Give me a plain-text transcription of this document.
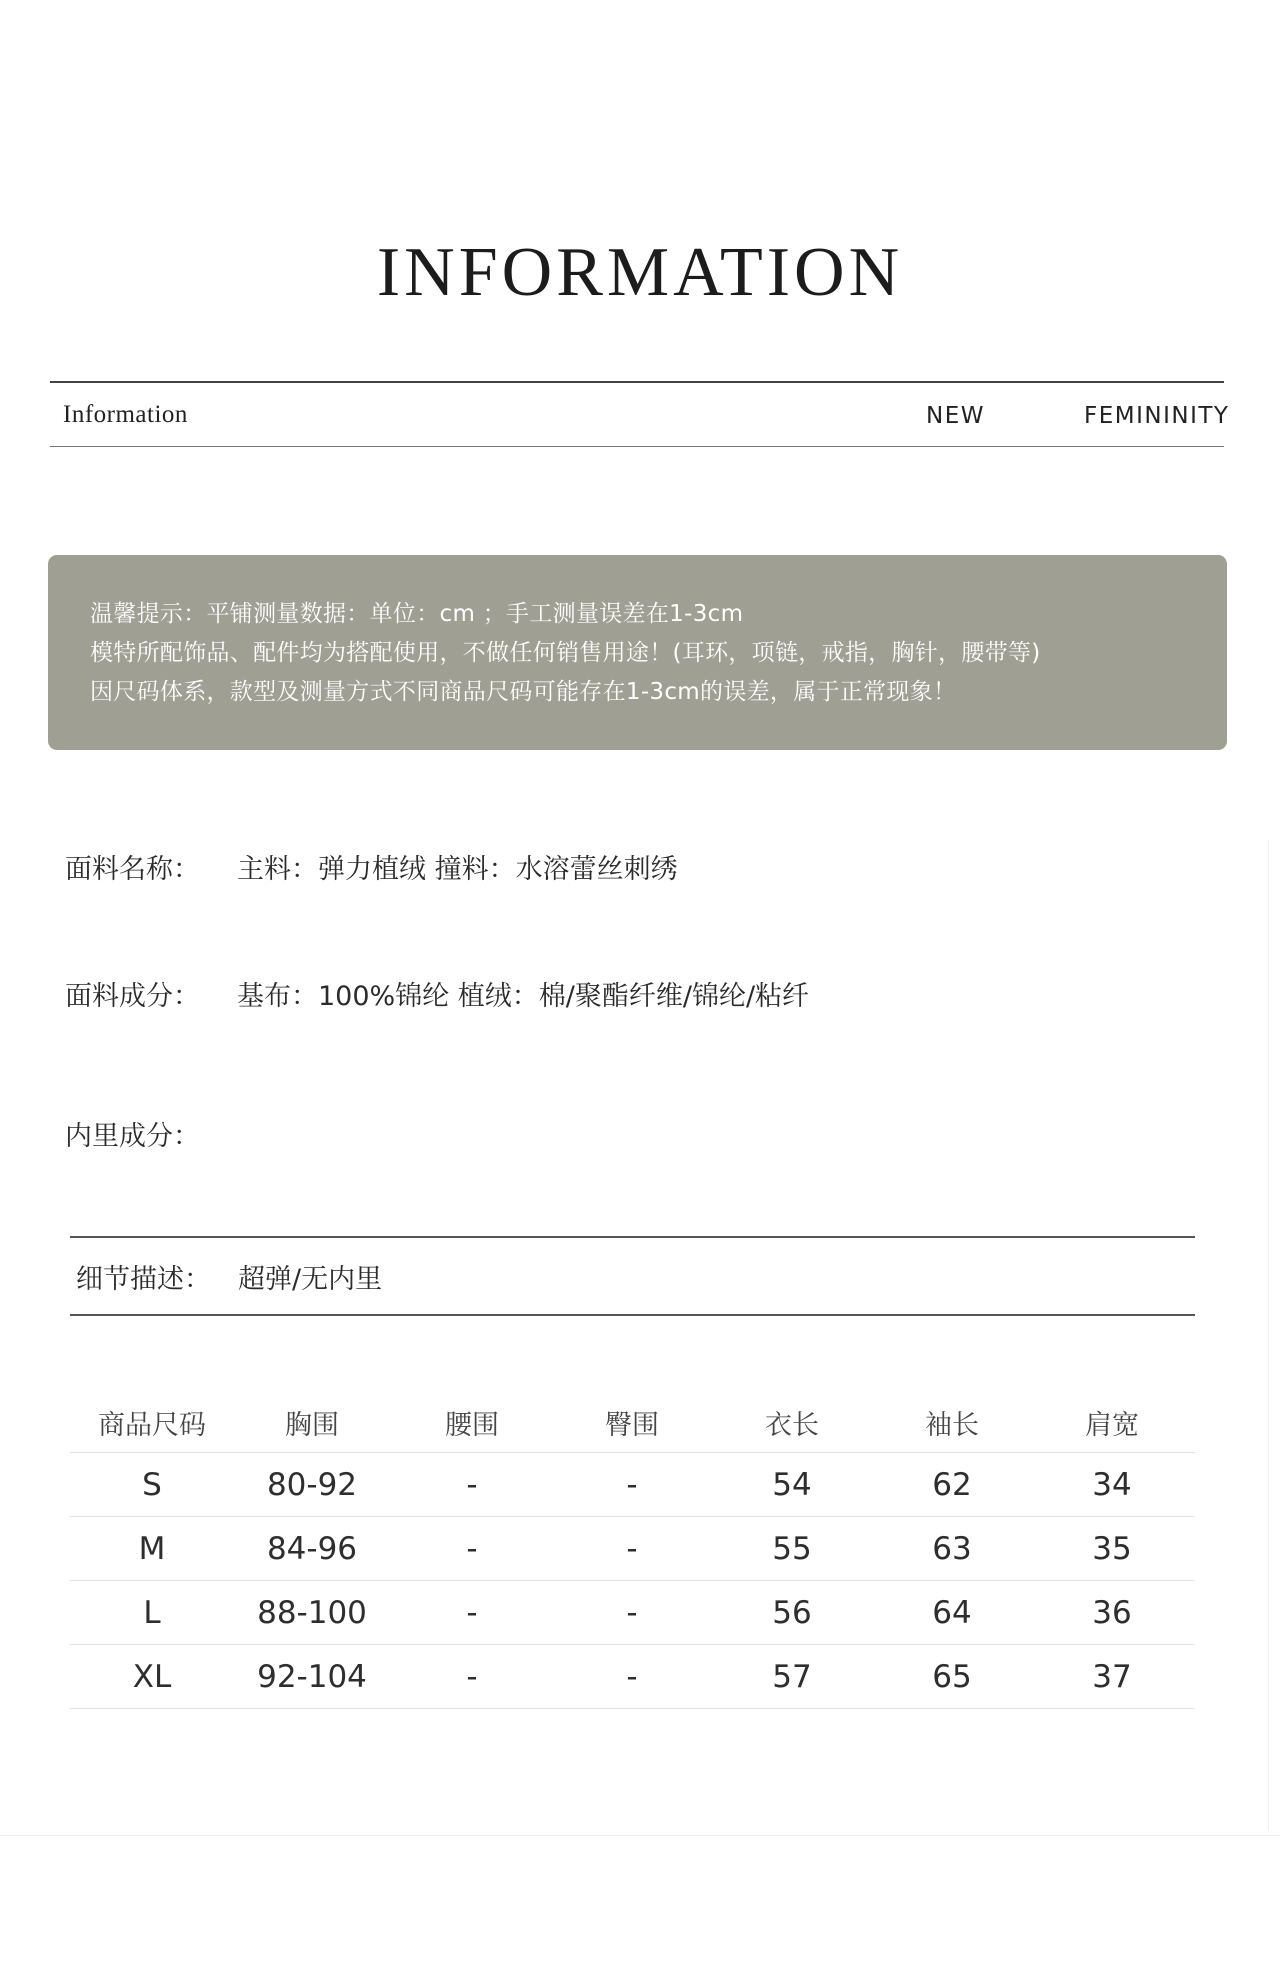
INFORMATION
Information	NEW	FEMININITY
温馨提示：平铺测量数据：单位：cm ；手工测量误差在1-3cm
模特所配饰品、配件均为搭配使用，不做任何销售用途！(耳环，项链，戒指，胸针，腰带等)
因尺码体系，款型及测量方式不同商品尺码可能存在1-3cm的误差，属于正常现象！
面料名称： 主料：弹力植绒 撞料：水溶蕾丝刺绣
面料成分： 基布：100%锦纶 植绒：棉/聚酯纤维/锦纶/粘纤
内里成分：
细节描述： 超弹/无内里
商品尺码	胸围	腰围	臀围	衣长	袖长	肩宽
S	80-92	-	-	54	62	34
M	84-96	-	-	55	63	35
L	88-100	-	-	56	64	36
XL	92-104	-	-	57	65	37
